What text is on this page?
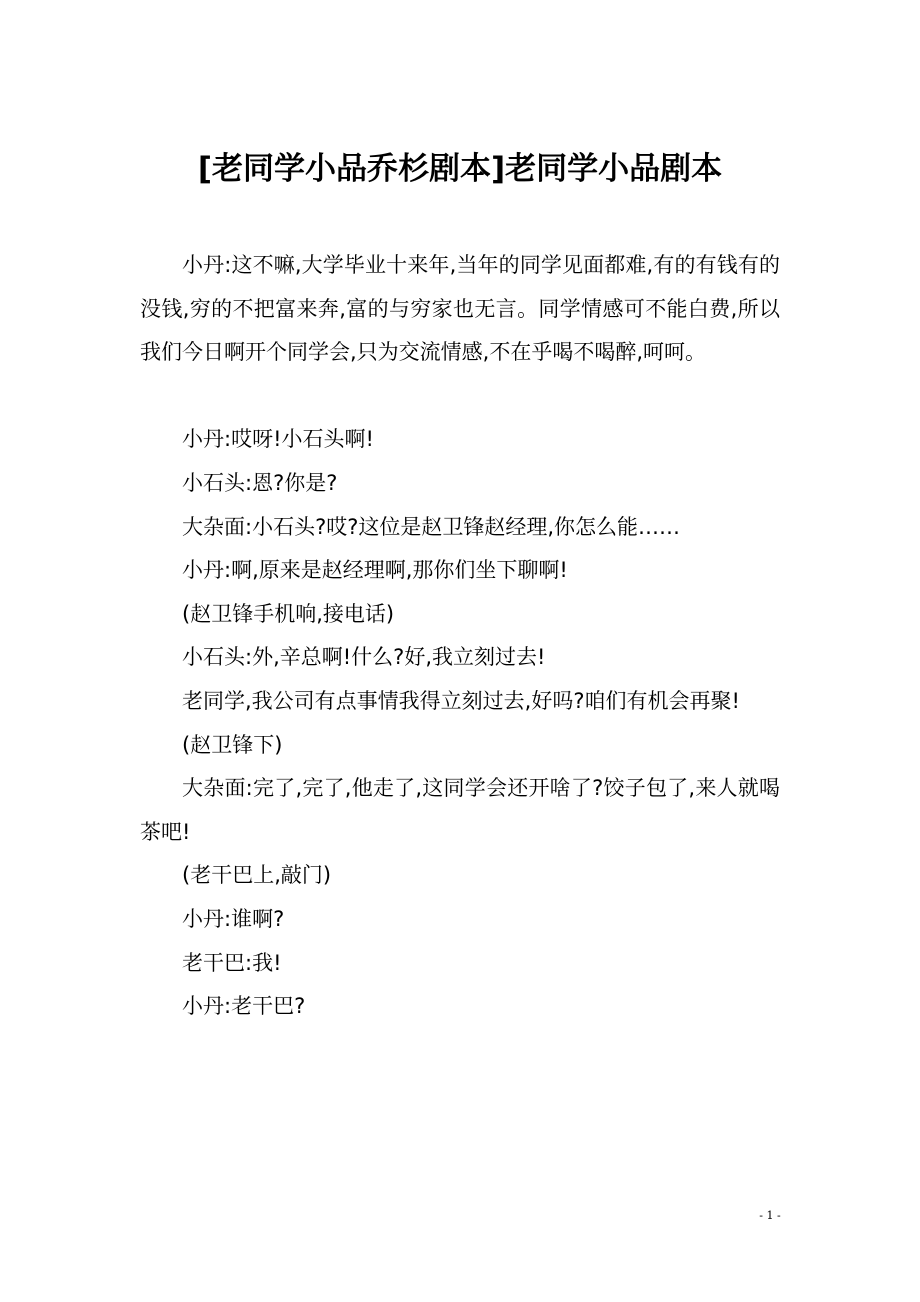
[老同学小品乔杉剧本]老同学小品剧本

小丹:这不嘛,大学毕业十来年,当年的同学见面都难,有的有钱有的没钱,穷的不把富来奔,富的与穷家也无言。同学情感可不能白费,所以我们今日啊开个同学会,只为交流情感,不在乎喝不喝醉,呵呵。

小丹:哎呀!小石头啊!

小石头:恩?你是?

大杂面:小石头?哎?这位是赵卫锋赵经理,你怎么能……

小丹:啊,原来是赵经理啊,那你们坐下聊啊!

(赵卫锋手机响,接电话)

小石头:外,辛总啊!什么?好,我立刻过去!

老同学,我公司有点事情我得立刻过去,好吗?咱们有机会再聚!

(赵卫锋下)

大杂面:完了,完了,他走了,这同学会还开啥了?饺子包了,来人就喝茶吧!

(老干巴上,敲门)

小丹:谁啊?

老干巴:我!

小丹:老干巴?

- 1 -
